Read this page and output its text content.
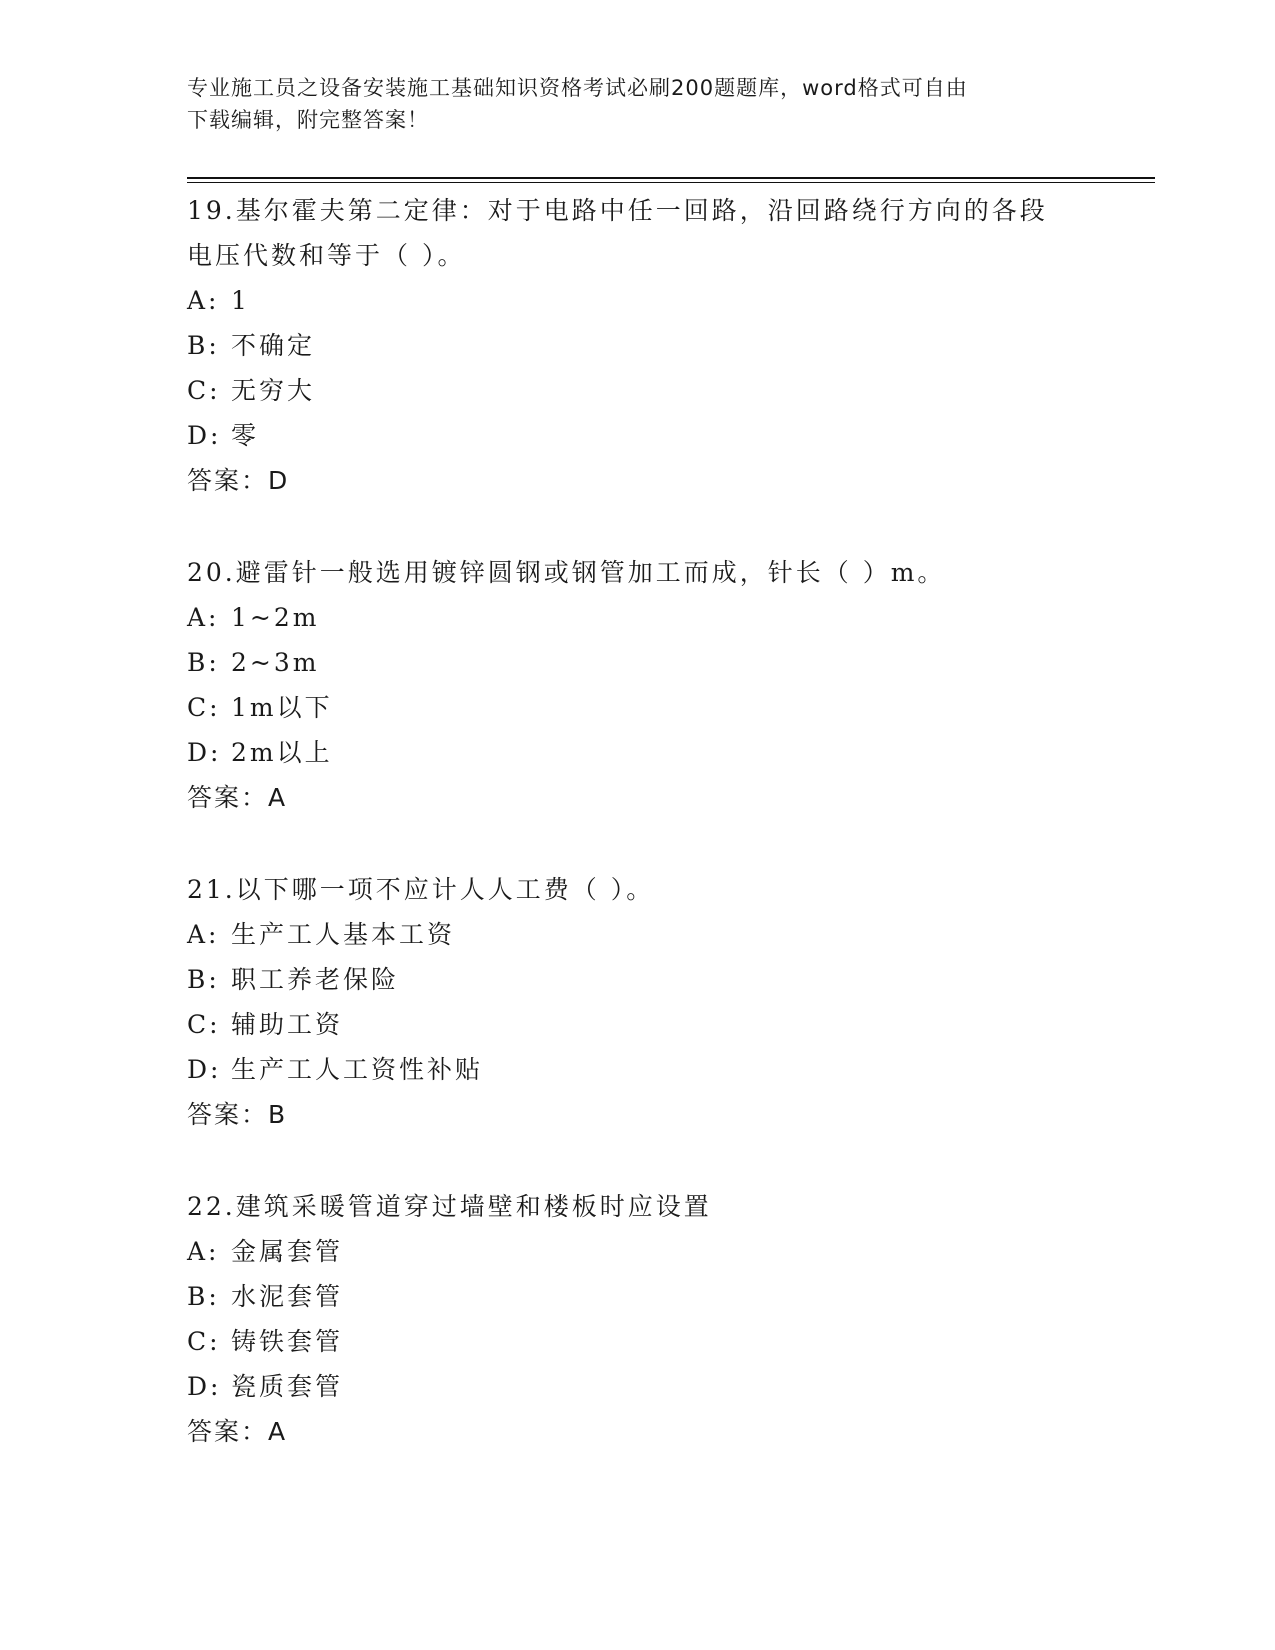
专业施工员之设备安装施工基础知识资格考试必刷200题题库，word格式可自由
下载编辑，附完整答案！
19.基尔霍夫第二定律：对于电路中任一回路，沿回路绕行方向的各段
电压代数和等于（ ）。
A: 1
B: 不确定
C: 无穷大
D: 零
答案：D
20.避雷针一般选用镀锌圆钢或钢管加工而成，针长（ ）m。
A: 1~2m
B: 2~3m
C: 1m以下
D: 2m以上
答案：A
21.以下哪一项不应计人人工费（ ）。
A: 生产工人基本工资
B: 职工养老保险
C: 辅助工资
D: 生产工人工资性补贴
答案：B
22.建筑采暖管道穿过墙壁和楼板时应设置
A: 金属套管
B: 水泥套管
C: 铸铁套管
D: 瓷质套管
答案：A
